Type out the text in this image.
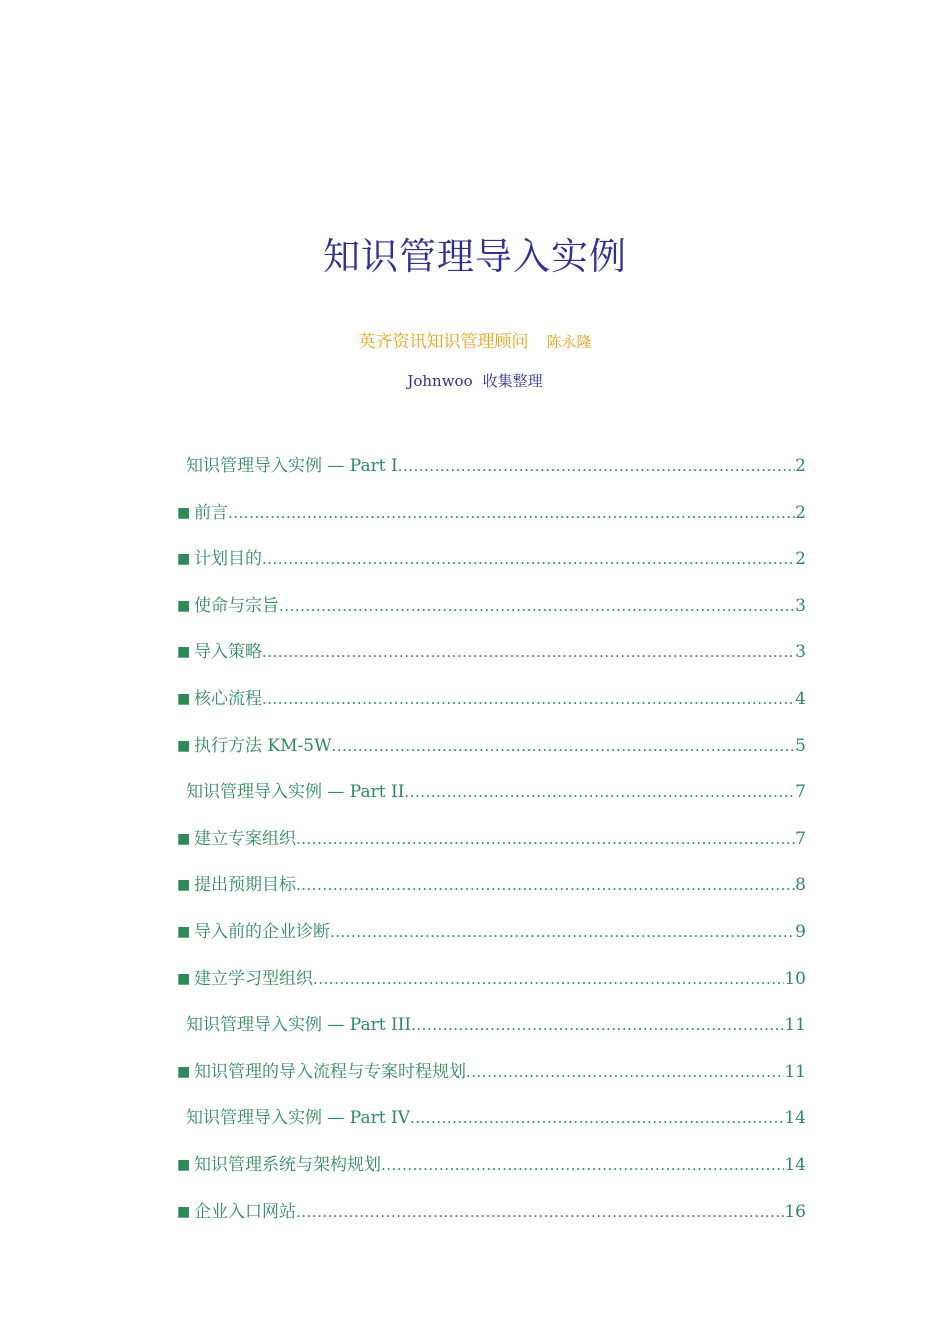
知识管理导入实例
英齐资讯知识管理顾问 陈永隆
Johnwoo 收集整理
知识管理导入实例 — Part I .....	2
■ 前言 .....	2
■ 计划目的 .....	2
■ 使命与宗旨 .....	3
■ 导入策略 .....	3
■ 核心流程 .....	4
■ 执行方法 KM-5W .....	5
知识管理导入实例 — Part II .....	7
■ 建立专案组织 .....	7
■ 提出预期目标 .....	8
■ 导入前的企业诊断 .....	9
■ 建立学习型组织 .....	10
知识管理导入实例 — Part III .....	11
■ 知识管理的导入流程与专案时程规划 .....	11
知识管理导入实例 — Part IV .....	14
■ 知识管理系统与架构规划 .....	14
■ 企业入口网站 .....	16
